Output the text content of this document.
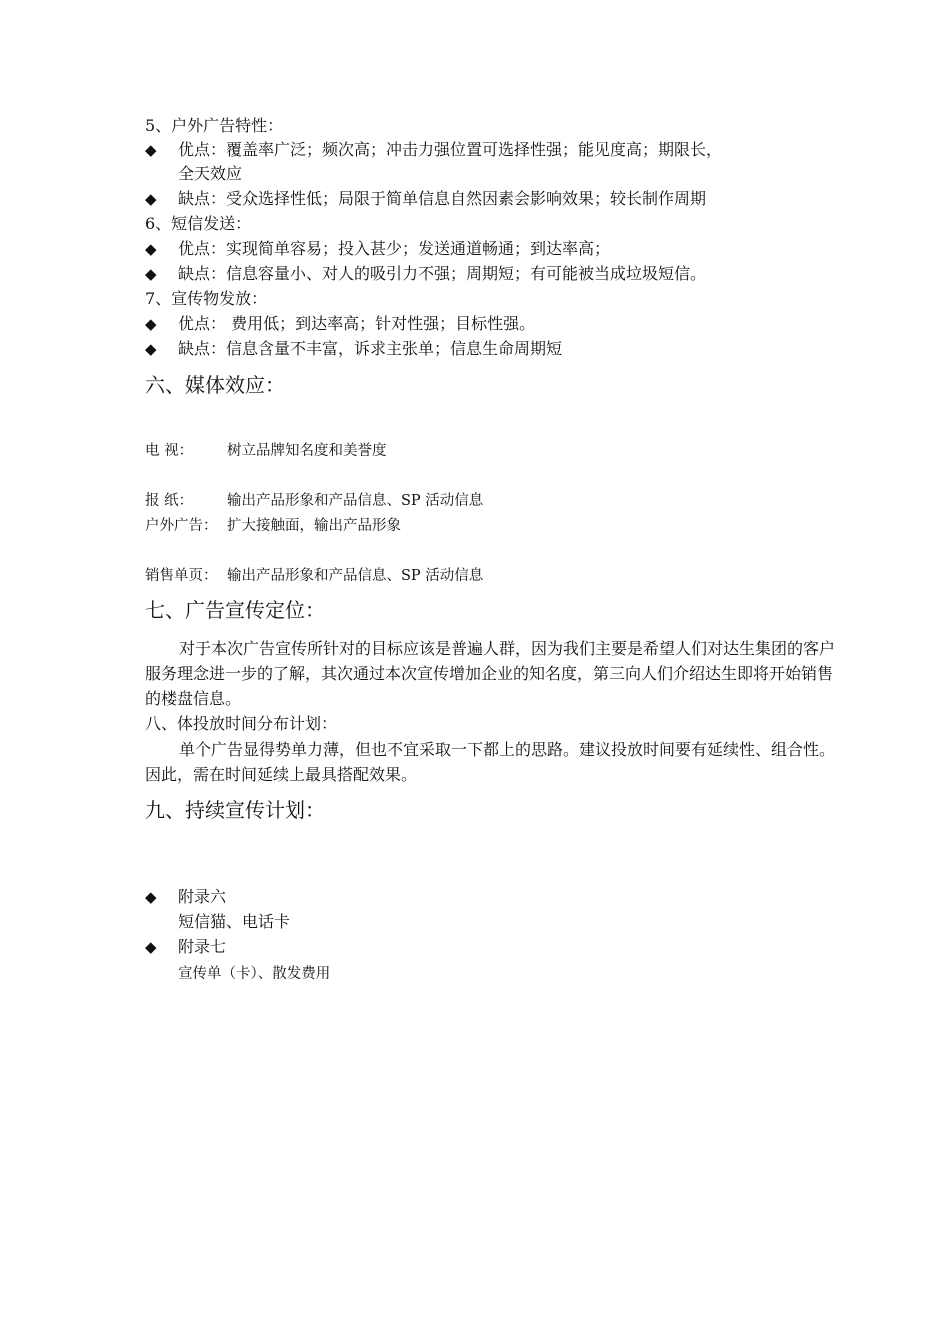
5、户外广告特性：
◆ 优点：覆盖率广泛；频次高；冲击力强位置可选择性强；能见度高；期限长，
全天效应
◆ 缺点：受众选择性低；局限于简单信息自然因素会影响效果；较长制作周期
6、短信发送：
◆ 优点：实现简单容易；投入甚少；发送通道畅通；到达率高；
◆ 缺点：信息容量小、对人的吸引力不强；周期短；有可能被当成垃圾短信。
7、宣传物发放：
◆ 优点： 费用低；到达率高；针对性强；目标性强。
◆ 缺点：信息含量不丰富，诉求主张单；信息生命周期短
六、媒体效应：
电 视： 树立品牌知名度和美誉度
报 纸： 输出产品形象和产品信息、SP 活动信息
户外广告： 扩大接触面，输出产品形象
销售单页： 输出产品形象和产品信息、SP 活动信息
七、广告宣传定位：
对于本次广告宣传所针对的目标应该是普遍人群，因为我们主要是希望人们对达生集团的客户服务理念进一步的了解，其次通过本次宣传增加企业的知名度，第三向人们介绍达生即将开始销售的楼盘信息。
八、体投放时间分布计划：
单个广告显得势单力薄，但也不宜采取一下都上的思路。建议投放时间要有延续性、组合性。因此，需在时间延续上最具搭配效果。
九、持续宣传计划：
◆ 附录六
短信猫、电话卡
◆ 附录七
宣传单（卡）、散发费用
